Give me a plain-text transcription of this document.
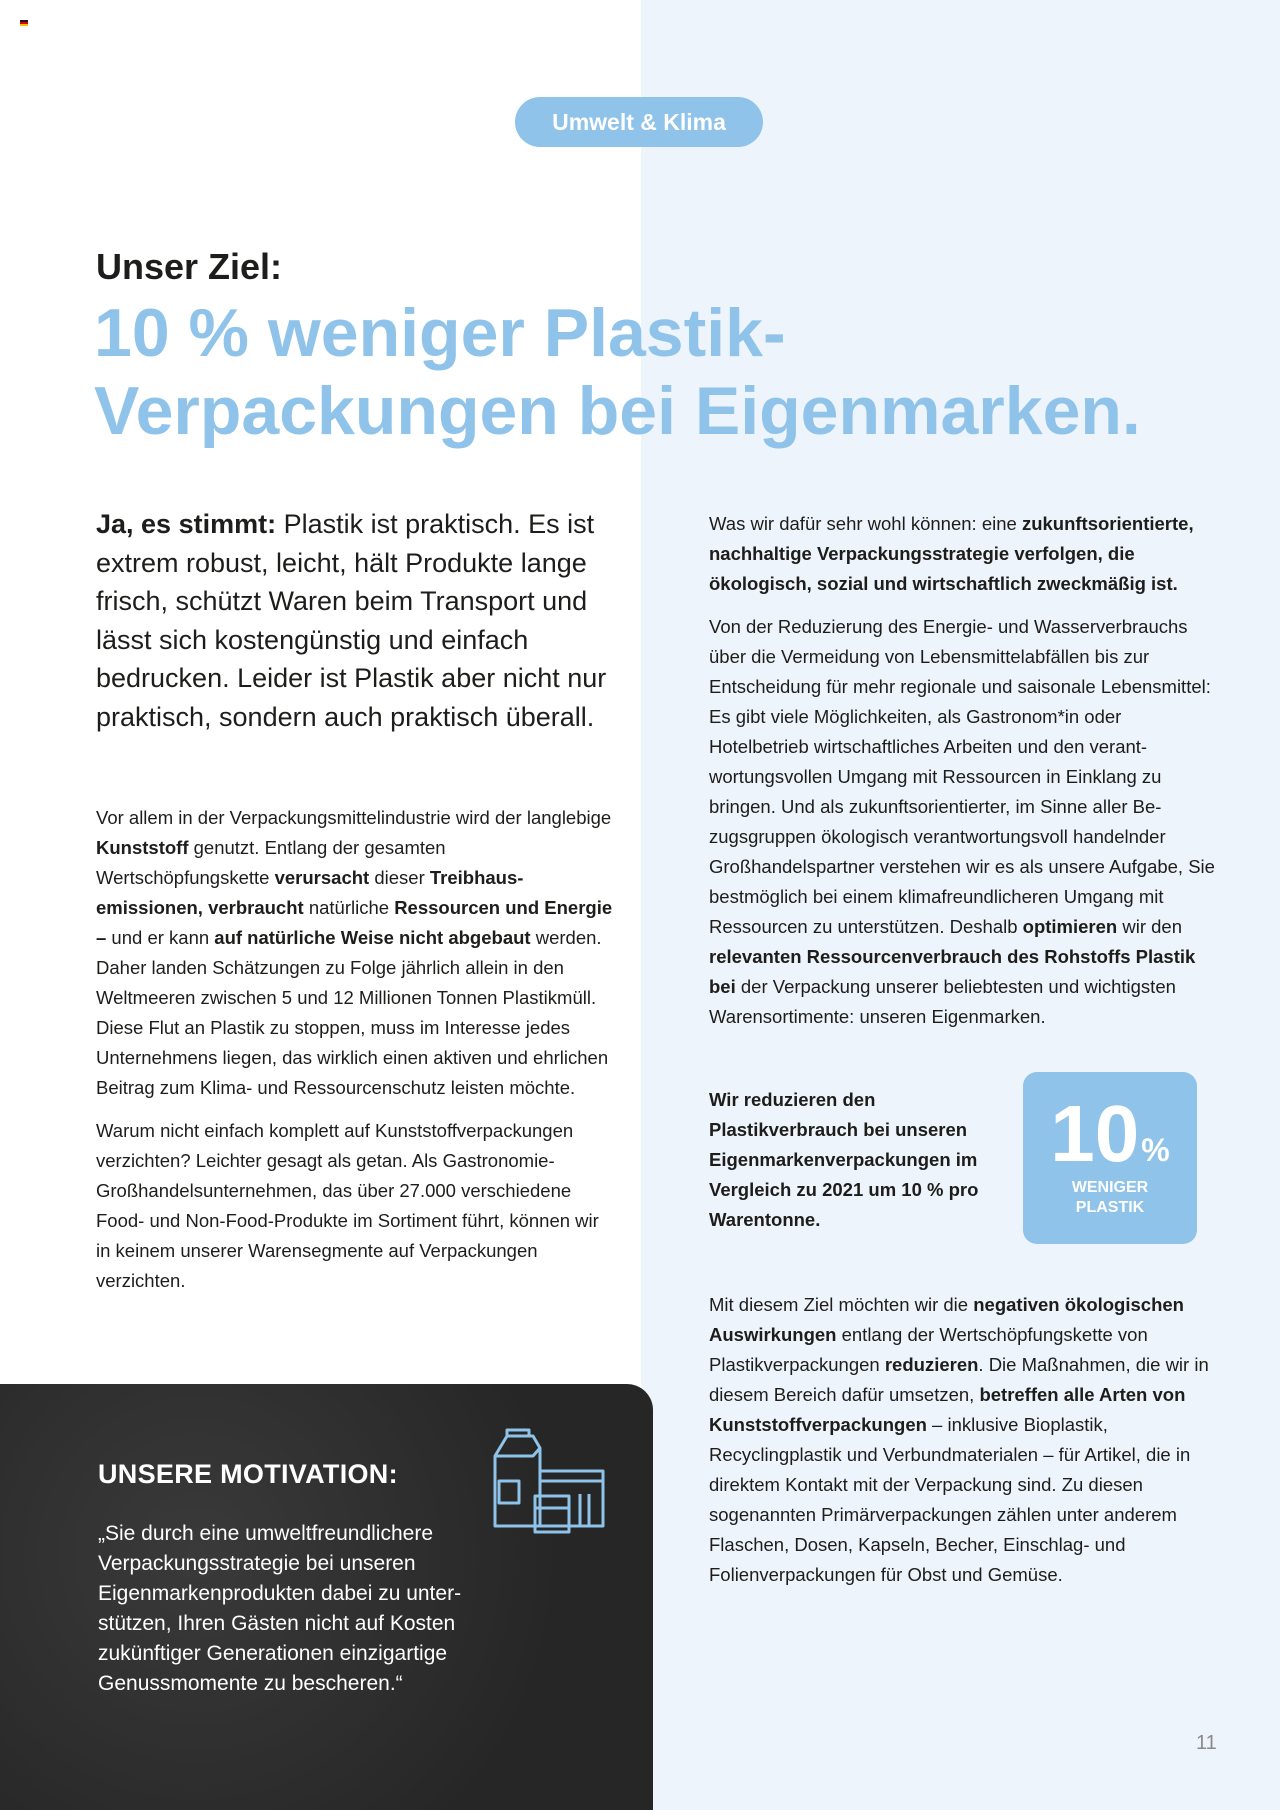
Umwelt & Klima
Unser Ziel:
10 % weniger Plastik-
Verpackungen bei Eigenmarken.

Ja, es stimmt: Plastik ist praktisch. Es ist extrem robust, leicht, hält Produkte lange frisch, schützt Waren beim Transport und lässt sich kostengünstig und einfach bedrucken. Leider ist Plastik aber nicht nur praktisch, sondern auch praktisch überall.

Vor allem in der Verpackungsmittelindustrie wird der langlebige Kunststoff genutzt. Entlang der gesamten Wertschöpfungskette verursacht dieser Treibhausemissionen, verbraucht natürliche Ressourcen und Energie – und er kann auf natürliche Weise nicht abgebaut werden. Daher landen Schätzungen zu Folge jährlich allein in den Weltmeeren zwischen 5 und 12 Millionen Tonnen Plastikmüll. Diese Flut an Plastik zu stoppen, muss im Interesse jedes Unternehmens liegen, das wirklich einen aktiven und ehrlichen Beitrag zum Klima- und Ressourcenschutz leisten möchte.

Warum nicht einfach komplett auf Kunststoffverpackungen verzichten? Leichter gesagt als getan. Als Gastronomie-Großhandelsunternehmen, das über 27.000 verschiedene Food- und Non-Food-Produkte im Sortiment führt, können wir in keinem unserer Warensegmente auf Verpackungen verzichten.

Was wir dafür sehr wohl können: eine zukunftsorientierte, nachhaltige Verpackungsstrategie verfolgen, die ökologisch, sozial und wirtschaftlich zweckmäßig ist.

Von der Reduzierung des Energie- und Wasserverbrauchs über die Vermeidung von Lebensmittelabfällen bis zur Entscheidung für mehr regionale und saisonale Lebensmittel: Es gibt viele Möglichkeiten, als Gastronom*in oder Hotelbetrieb wirtschaftliches Arbeiten und den verantwortungsvollen Umgang mit Ressourcen in Einklang zu bringen. Und als zukunftsorientierter, im Sinne aller Bezugsgruppen ökologisch verantwortungsvoll handelnder Großhandelspartner verstehen wir es als unsere Aufgabe, Sie bestmöglich bei einem klimafreundlicheren Umgang mit Ressourcen zu unterstützen. Deshalb optimieren wir den relevanten Ressourcenverbrauch des Rohstoffs Plastik bei der Verpackung unserer beliebtesten und wichtigsten Warensortimente: unseren Eigenmarken.

Wir reduzieren den Plastikverbrauch bei unseren Eigenmarkenverpackungen im Vergleich zu 2021 um 10 % pro Warentonne.
10%
WENIGER
PLASTIK

Mit diesem Ziel möchten wir die negativen ökologischen Auswirkungen entlang der Wertschöpfungskette von Plastikverpackungen reduzieren. Die Maßnahmen, die wir in diesem Bereich dafür umsetzen, betreffen alle Arten von Kunststoffverpackungen – inklusive Bioplastik, Recyclingplastik und Verbundmaterialen – für Artikel, die in direktem Kontakt mit der Verpackung sind. Zu diesen sogenannten Primärverpackungen zählen unter anderem Flaschen, Dosen, Kapseln, Becher, Einschlag- und Folienverpackungen für Obst und Gemüse.

UNSERE MOTIVATION:
„Sie durch eine umweltfreundlichere Verpackungsstrategie bei unseren Eigenmarkenprodukten dabei zu unterstützen, Ihren Gästen nicht auf Kosten zukünftiger Generationen einzigartige Genussmomente zu bescheren.“
11
